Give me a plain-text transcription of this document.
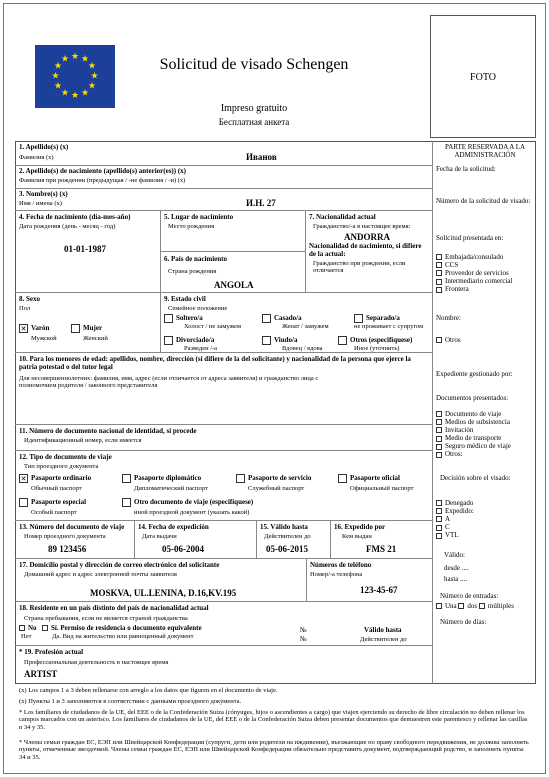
★ ★
★
★
★
★
★
★
★
★
★
★	Solicitud de visado Schengen
Impreso gratuito
Бесплатная анкета
FOTO
1. Apellido(s) (x)
Фамилия (x)	Иванов
2. Apellido(s) de nacimiento (apellido(s) anterior(es)) (x)
Фамилия при рождении (предыдущая / -ие фамилия / -и) (x)
3. Nombre(s) (x)
Имя / имена (x)	И.Н. 27
4. Fecha de nacimiento (día-mes-año)
Дата рождения (день - месяц - год)
01-01-1987
5. Lugar de nacimiento
Место рождения
6. País de nacimiento
Страна рождения
ANGOLA
7. Nacionalidad actual
Гражданство/-а в настоящее время:
ANDORRA
Nacionalidad de nacimiento, si difiere de la actual:
Гражданство при рождении, если отличается
8. Sexo
Пол
✕ Varón
Мужской
Mujer
Женский
9. Estado civil
Семейное положение
Soltero/a
Холост / не замужем
Casado/a
Женат / замужем
Separado/a
не проживает с супругом
Divorciado/a
Разведен /-а
Viudo/a
Вдовец / вдова
Otros (especifíquese)
Иное (уточнить)
10. Para los menores de edad: apellidos, nombre, dirección (si difiere de la del solicitante) y nacionalidad de la persona que ejerce la patria potestad o del tutor legal
Для несовершеннолетних: фамилия, имя, адрес (если отличается от адреса заявителя) и гражданство лица с полномочием родителя / законного представителя
11. Número de documento nacional de identidad, si procede
Идентификационный номер, если имеется
12. Tipo de documento de viaje
Тип проездного документа
✕ Pasaporte ordinario
Обычный паспорт
Pasaporte diplomático
Дипломатический паспорт
Pasaporte de servicio
Служебный паспорт
Pasaporte oficial
Официальный паспорт
Pasaporte especial
Особый паспорт
Otro documento de viaje (especifíquese)
иной проездной документ (указать какой)
13. Número del documento de viaje
Номер проездного документа
89 123456
14. Fecha de expedición
Дата выдачи
05-06-2004
15. Válido hasta
Действителен до
05-06-2015
16. Expedido por
Кем выдан
FMS 21
17. Domicilio postal y dirección de correo electrónico del solicitante
Домашний адрес и адрес электронной почты заявителя
MOSKVA, UL.LENINA, D.16,KV.195
Números de teléfono
Номер/-а телефона
123-45-67
18. Residente en un país distinto del país de nacionalidad actual
Страна пребывания, если не является страной гражданства
No
Нет
Sí. Permiso de residencia o documento equivalente
Да. Вид на жительство или равноценный документ
№
№
Válido hasta
Действителен до
* 19. Profesión actual
Профессиональная деятельность в настоящее время
ARTIST
PARTE RESERVADA A LA ADMINISTRACIÓN
Fecha de la solicitud:
Número de la solicitud de visado:
Solicitud presentada en:
Embajada/consulado
CCS
Proveedor de servicios
Intermediario comercial
Frontera
Nombre:
Otros
Expediente gestionado por:
Documentos presentados:
Documento de viaje
Medios de subsistencia
Invitación
Medio de transporte
Seguro médico de viaje
Otros:
Decisión sobre el visado:
Denegado
Expedido:
A
C
VTL
Válido:
desde ....
hasta ....
Número de entradas:
Una dos múltiples
Número de días:
(x) Los campos 1 a 3 deben rellenarse con arreglo a los datos que figuren en el documento de viaje.
(x) Пункты 1 и 3 заполняются в соответствии с данными проездного документа.
* Los familiares de ciudadanos de la UE, del EEE o de la Confederación Suiza (cónyuges, hijos o ascendientes a cargo) que viajen ejerciendo su derecho de libre circulación no deben rellenar los campos marcados con un asterisco. Los familiares de ciudadanos de la UE, del EEE o de la Confederación Suiza deben presentar documentos que demuestren este parentesco y rellenar las casillas n 34 y 35.
* Члены семьи граждан ЕС, ЕЭП или Швейцарской Конфедерации (супруги, дети или родители на иждивении), въезжающие по праву свободного передвижения, не должны заполнять пункты, отмеченные звездочкой. Члены семьи граждан ЕС, ЕЭП или Швейцарской Конфедерации обязательно представить документ, подтверждающий родство, и заполнить пункты 34 и 35.
